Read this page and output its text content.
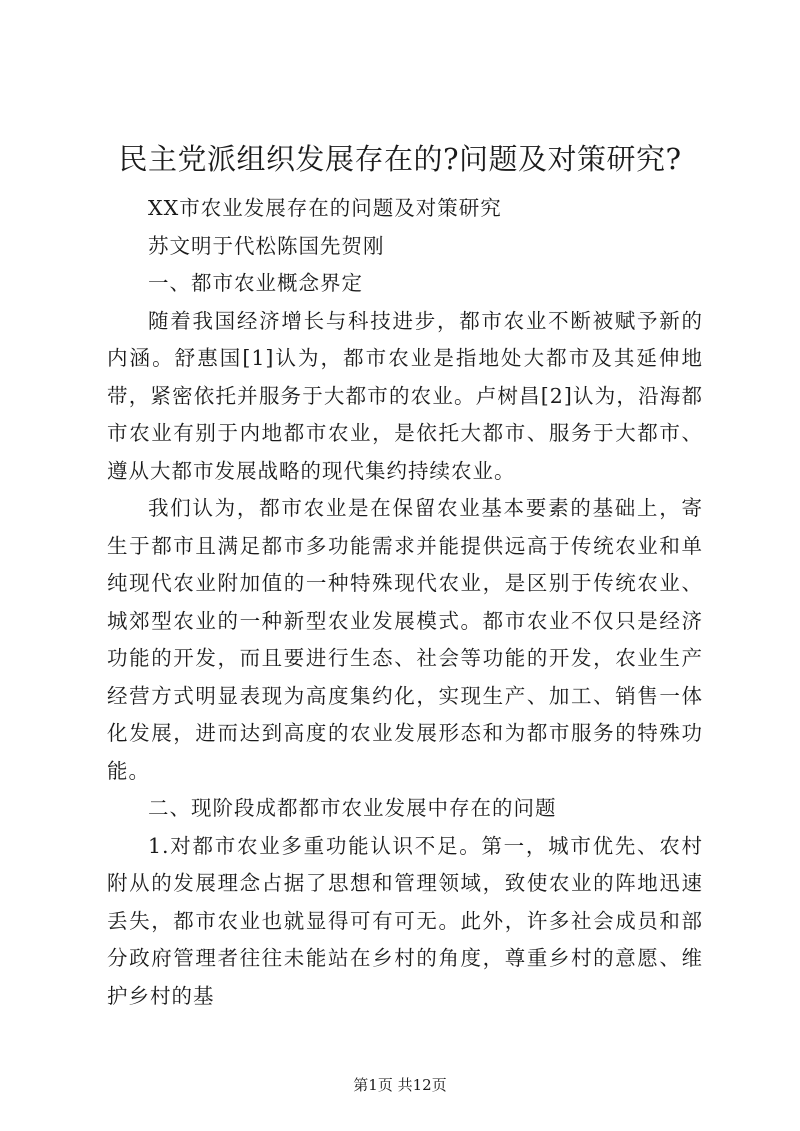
民主党派组织发展存在的?问题及对策研究?

XX市农业发展存在的问题及对策研究

苏文明于代松陈国先贺刚

一、都市农业概念界定

随着我国经济增长与科技进步，都市农业不断被赋予新的内涵。舒惠国[1]认为，都市农业是指地处大都市及其延伸地带，紧密依托并服务于大都市的农业。卢树昌[2]认为，沿海都市农业有别于内地都市农业，是依托大都市、服务于大都市、遵从大都市发展战略的现代集约持续农业。

我们认为，都市农业是在保留农业基本要素的基础上，寄生于都市且满足都市多功能需求并能提供远高于传统农业和单纯现代农业附加值的一种特殊现代农业，是区别于传统农业、城郊型农业的一种新型农业发展模式。都市农业不仅只是经济功能的开发，而且要进行生态、社会等功能的开发，农业生产经营方式明显表现为高度集约化，实现生产、加工、销售一体化发展，进而达到高度的农业发展形态和为都市服务的特殊功能。

二、现阶段成都都市农业发展中存在的问题

1.对都市农业多重功能认识不足。第一，城市优先、农村附从的发展理念占据了思想和管理领域，致使农业的阵地迅速丢失，都市农业也就显得可有可无。此外，许多社会成员和部分政府管理者往往未能站在乡村的角度，尊重乡村的意愿、维护乡村的基

第1页 共12页
